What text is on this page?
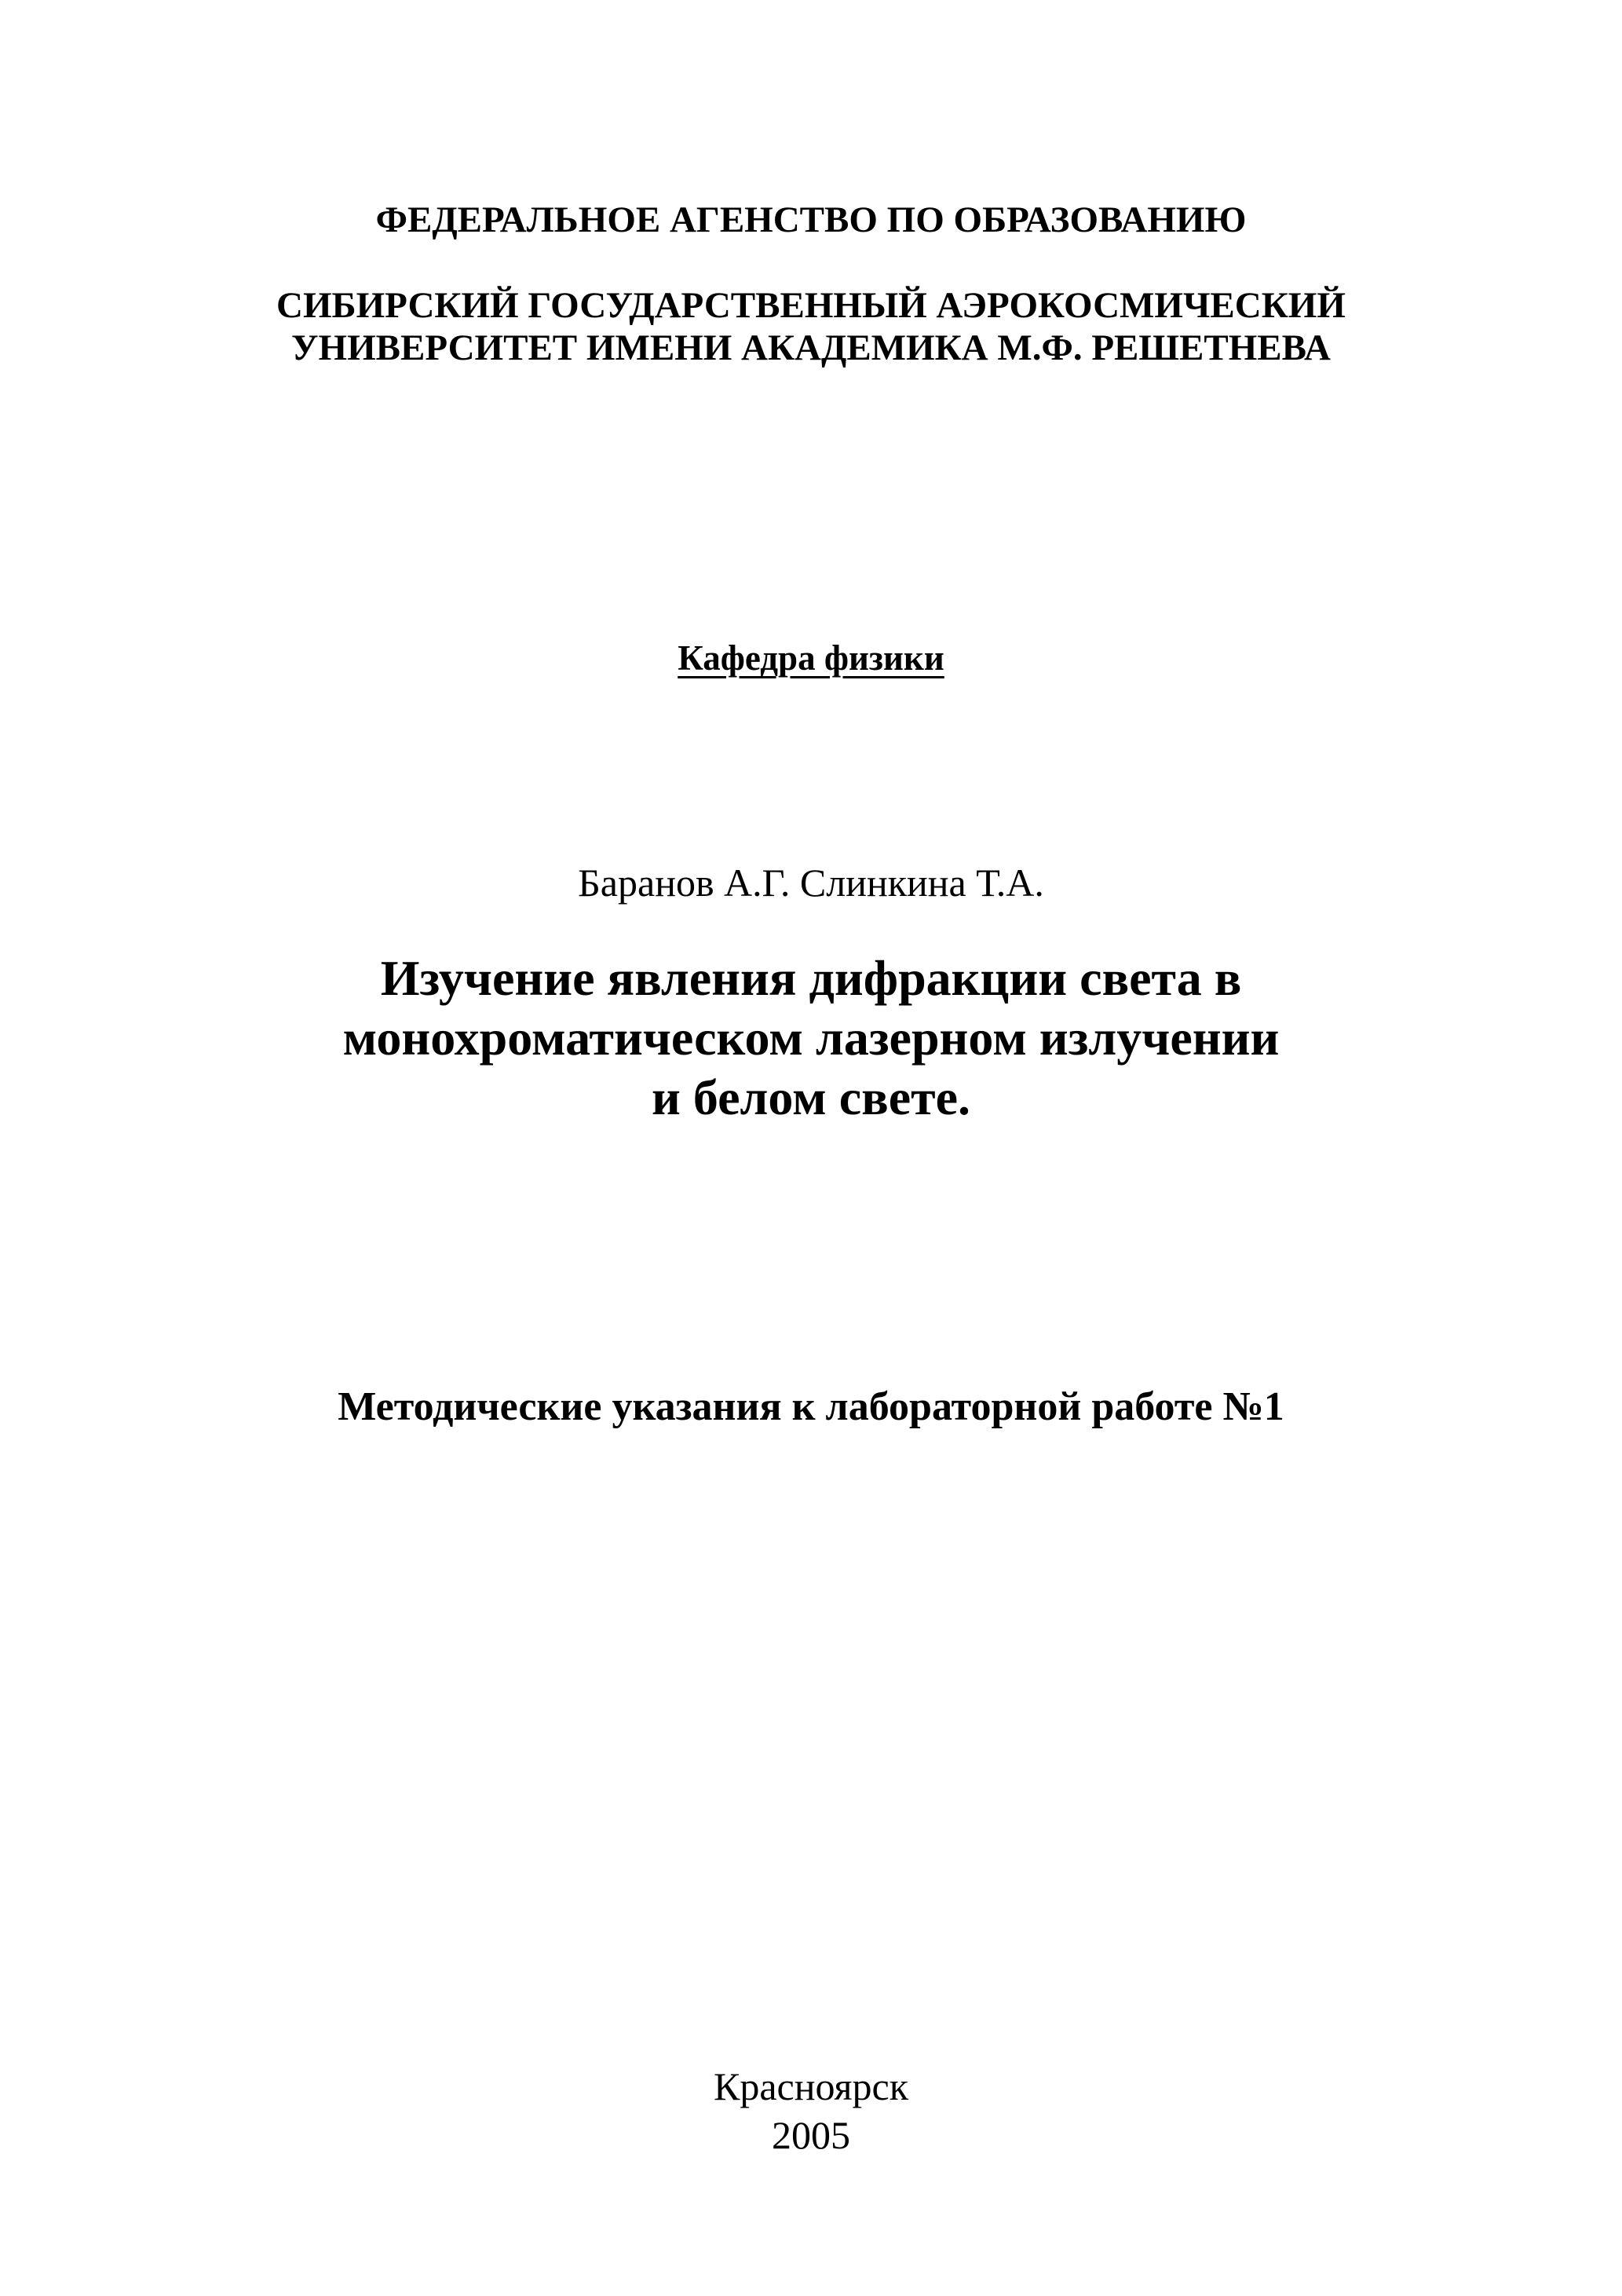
ФЕДЕРАЛЬНОЕ АГЕНСТВО ПО ОБРАЗОВАНИЮ

СИБИРСКИЙ ГОСУДАРСТВЕННЫЙ АЭРОКОСМИЧЕСКИЙ
УНИВЕРСИТЕТ ИМЕНИ АКАДЕМИКА М.Ф. РЕШЕТНЕВА

Кафедра физики

Баранов А.Г. Слинкина Т.А.

Изучение явления дифракции света в
монохроматическом лазерном излучении
и белом свете.

Методические указания к лабораторной работе №1

Красноярск

2005
